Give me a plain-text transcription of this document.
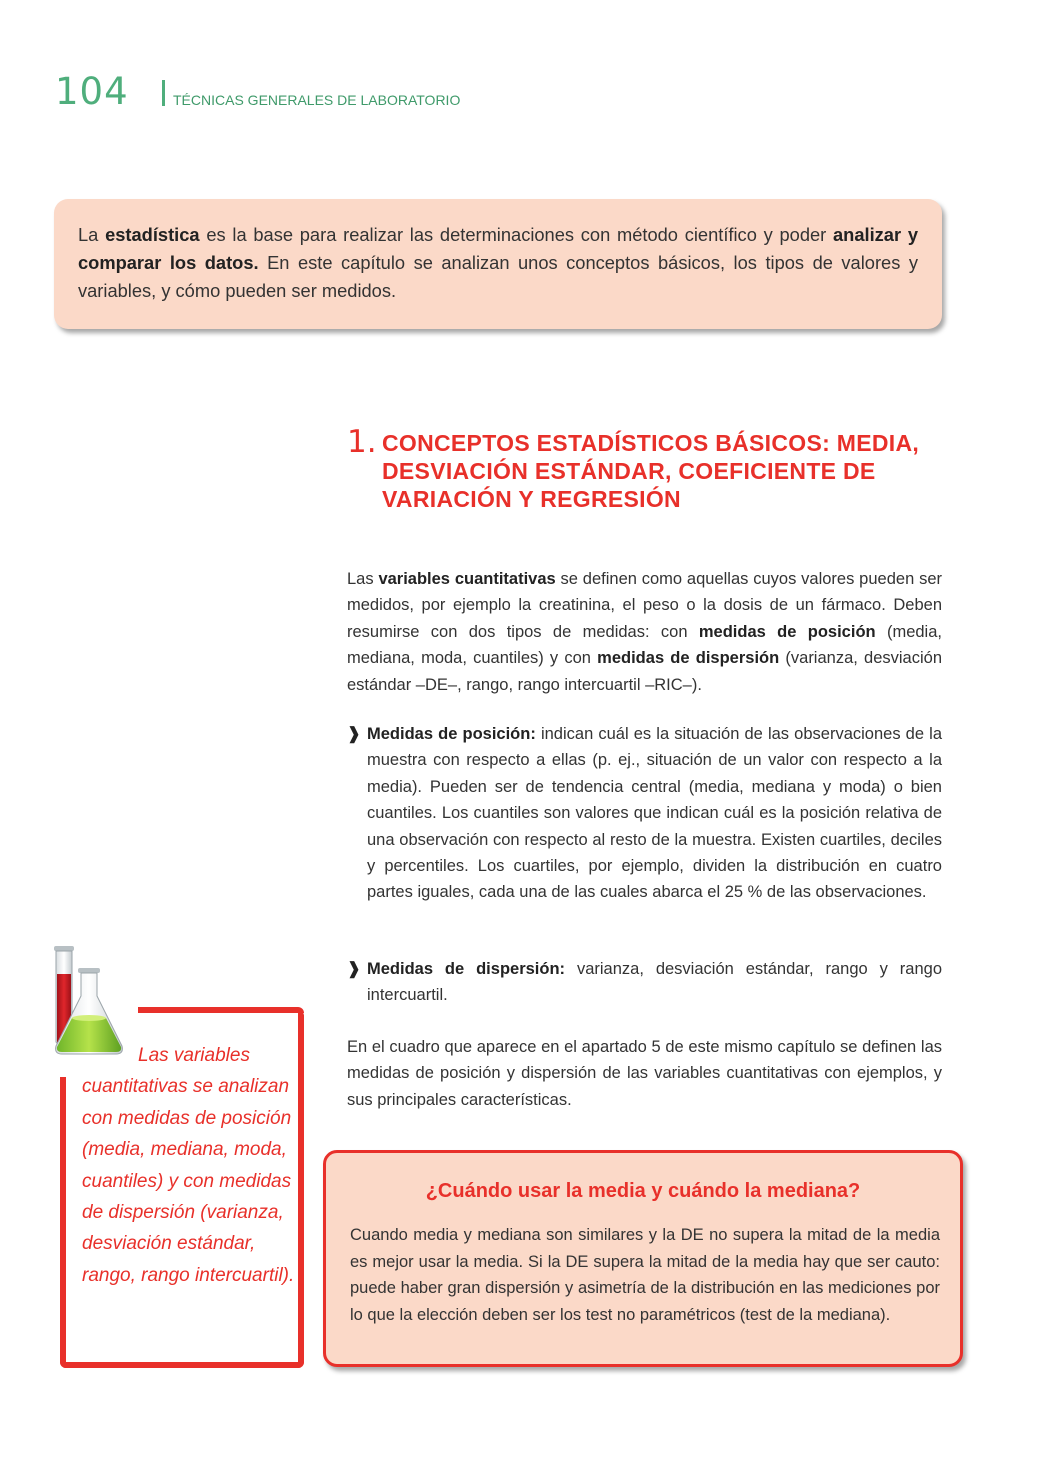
104	TÉCNICAS GENERALES DE LABORATORIO
La estadística es la base para realizar las determinaciones con método científico y poder analizar y comparar los datos. En este capítulo se analizan unos conceptos básicos, los tipos de valores y variables, y cómo pueden ser medidos.
1. CONCEPTOS ESTADÍSTICOS BÁSICOS: MEDIA, DESVIACIÓN ESTÁNDAR, COEFICIENTE DE VARIACIÓN Y REGRESIÓN
Las variables cuantitativas se definen como aquellas cuyos valores pueden ser medidos, por ejemplo la creatinina, el peso o la dosis de un fármaco. Deben resumirse con dos tipos de medidas: con medidas de posición (media, mediana, moda, cuantiles) y con medidas de dispersión (varianza, desviación estándar –DE–, rango, rango intercuartil –RIC–).
❱ Medidas de posición: indican cuál es la situación de las observaciones de la muestra con respecto a ellas (p. ej., situación de un valor con respecto a la media). Pueden ser de tendencia central (media, mediana y moda) o bien cuantiles. Los cuantiles son valores que indican cuál es la posición relativa de una observación con respecto al resto de la muestra. Existen cuartiles, deciles y percentiles. Los cuartiles, por ejemplo, dividen la distribución en cuatro partes iguales, cada una de las cuales abarca el 25 % de las observaciones.
❱ Medidas de dispersión: varianza, desviación estándar, rango y rango intercuartil.
En el cuadro que aparece en el apartado 5 de este mismo capítulo se definen las medidas de posición y dispersión de las variables cuantitativas con ejemplos, y sus principales características.
Las variables
cuantitativas se analizan con medidas de posición (media, mediana, moda, cuantiles) y con medidas de dispersión (varianza, desviación estándar, rango, rango intercuartil).
¿Cuándo usar la media y cuándo la mediana?
Cuando media y mediana son similares y la DE no supera la mitad de la media es mejor usar la media. Si la DE supera la mitad de la media hay que ser cauto: puede haber gran dispersión y asimetría de la distribución en las mediciones por lo que la elección deben ser los test no paramétricos (test de la mediana).
